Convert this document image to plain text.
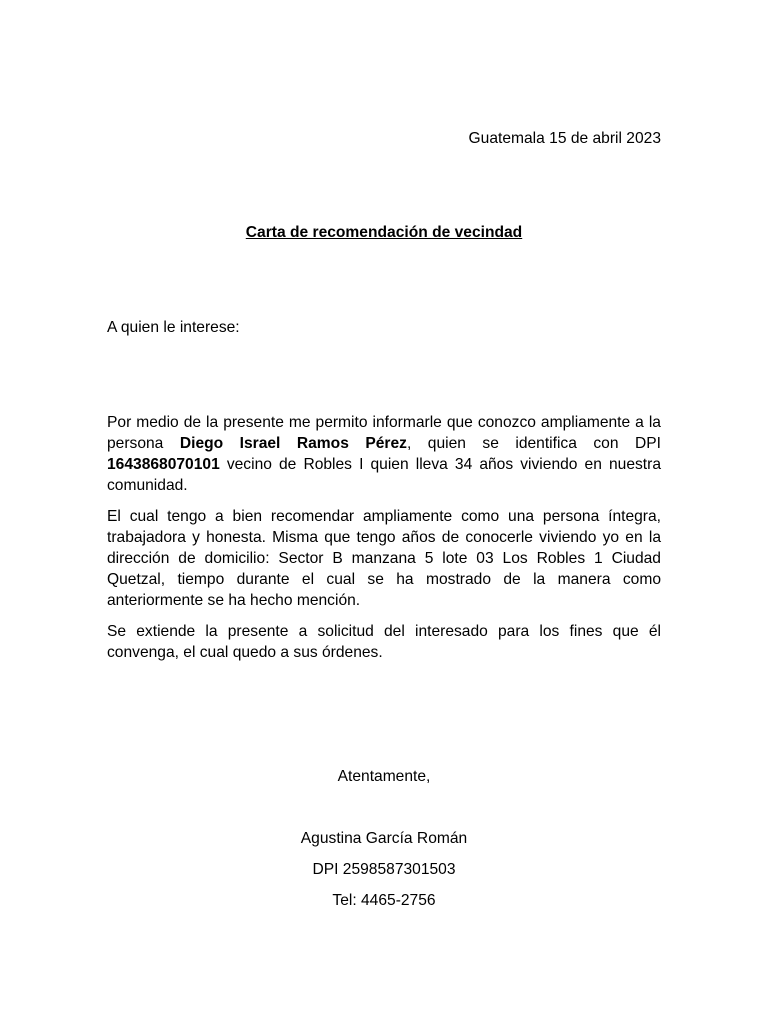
Guatemala 15 de abril 2023
Carta de recomendación de vecindad
A quien le interese:

Por medio de la presente me permito informarle que conozco ampliamente a la persona Diego Israel Ramos Pérez, quien se identifica con DPI 1643868070101 vecino de Robles I quien lleva 34 años viviendo en nuestra comunidad.

El cual tengo a bien recomendar ampliamente como una persona íntegra, trabajadora y honesta. Misma que tengo años de conocerle viviendo yo en la dirección de domicilio: Sector B manzana 5 lote 03 Los Robles 1 Ciudad Quetzal, tiempo durante el cual se ha mostrado de la manera como anteriormente se ha hecho mención.

Se extiende la presente a solicitud del interesado para los fines que él convenga, el cual quedo a sus órdenes.

Atentamente,
Agustina García Román
DPI 2598587301503
Tel: 4465-2756
